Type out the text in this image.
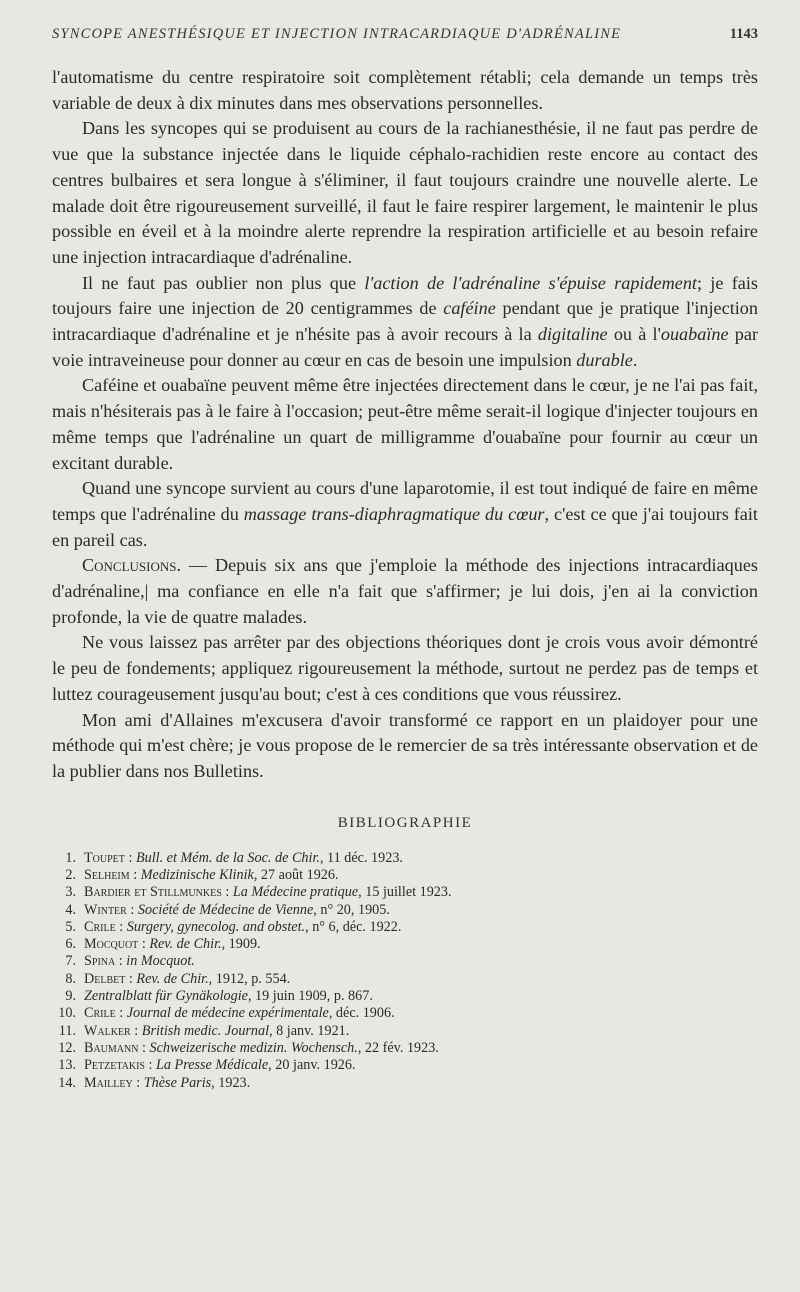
SYNCOPE ANESTHÉSIQUE ET INJECTION INTRACARDIAQUE D'ADRÉNALINE	1143

l'automatisme du centre respiratoire soit complètement rétabli; cela demande un temps très variable de deux à dix minutes dans mes observations personnelles.

Dans les syncopes qui se produisent au cours de la rachianesthésie, il ne faut pas perdre de vue que la substance injectée dans le liquide céphalo-rachidien reste encore au contact des centres bulbaires et sera longue à s'éliminer, il faut toujours craindre une nouvelle alerte. Le malade doit être rigoureusement surveillé, il faut le faire respirer largement, le maintenir le plus possible en éveil et à la moindre alerte reprendre la respiration artificielle et au besoin refaire une injection intracardiaque d'adrénaline.

Il ne faut pas oublier non plus que l'action de l'adrénaline s'épuise rapidement; je fais toujours faire une injection de 20 centigrammes de caféine pendant que je pratique l'injection intracardiaque d'adrénaline et je n'hésite pas à avoir recours à la digitaline ou à l'ouabaïne par voie intraveineuse pour donner au cœur en cas de besoin une impulsion durable.

Caféine et ouabaïne peuvent même être injectées directement dans le cœur, je ne l'ai pas fait, mais n'hésiterais pas à le faire à l'occasion; peut-être même serait-il logique d'injecter toujours en même temps que l'adrénaline un quart de milligramme d'ouabaïne pour fournir au cœur un excitant durable.

Quand une syncope survient au cours d'une laparotomie, il est tout indiqué de faire en même temps que l'adrénaline du massage trans-diaphragmatique du cœur, c'est ce que j'ai toujours fait en pareil cas.

Conclusions. — Depuis six ans que j'emploie la méthode des injections intracardiaques d'adrénaline,| ma confiance en elle n'a fait que s'affirmer; je lui dois, j'en ai la conviction profonde, la vie de quatre malades.

Ne vous laissez pas arrêter par des objections théoriques dont je crois vous avoir démontré le peu de fondements; appliquez rigoureusement la méthode, surtout ne perdez pas de temps et luttez courageusement jusqu'au bout; c'est à ces conditions que vous réussirez.

Mon ami d'Allaines m'excusera d'avoir transformé ce rapport en un plaidoyer pour une méthode qui m'est chère; je vous propose de le remercier de sa très intéressante observation et de la publier dans nos Bulletins.

BIBLIOGRAPHIE
1. Toupet : Bull. et Mém. de la Soc. de Chir., 11 déc. 1923.
2. Selheim : Medizinische Klinik, 27 août 1926.
3. Bardier et Stillmunkes : La Médecine pratique, 15 juillet 1923.
4. Winter : Société de Médecine de Vienne, n° 20, 1905.
5. Crile : Surgery, gynecolog. and obstet., n° 6, déc. 1922.
6. Mocquot : Rev. de Chir., 1909.
7. Spina : in Mocquot.
8. Delbet : Rev. de Chir., 1912, p. 554.
9. Zentralblatt für Gynäkologie, 19 juin 1909, p. 867.
10. Crile : Journal de médecine expérimentale, déc. 1906.
11. Walker : British medic. Journal, 8 janv. 1921.
12. Baumann : Schweizerische medizin. Wochensch., 22 fév. 1923.
13. Petzetakis : La Presse Médicale, 20 janv. 1926.
14. Mailley : Thèse Paris, 1923.
